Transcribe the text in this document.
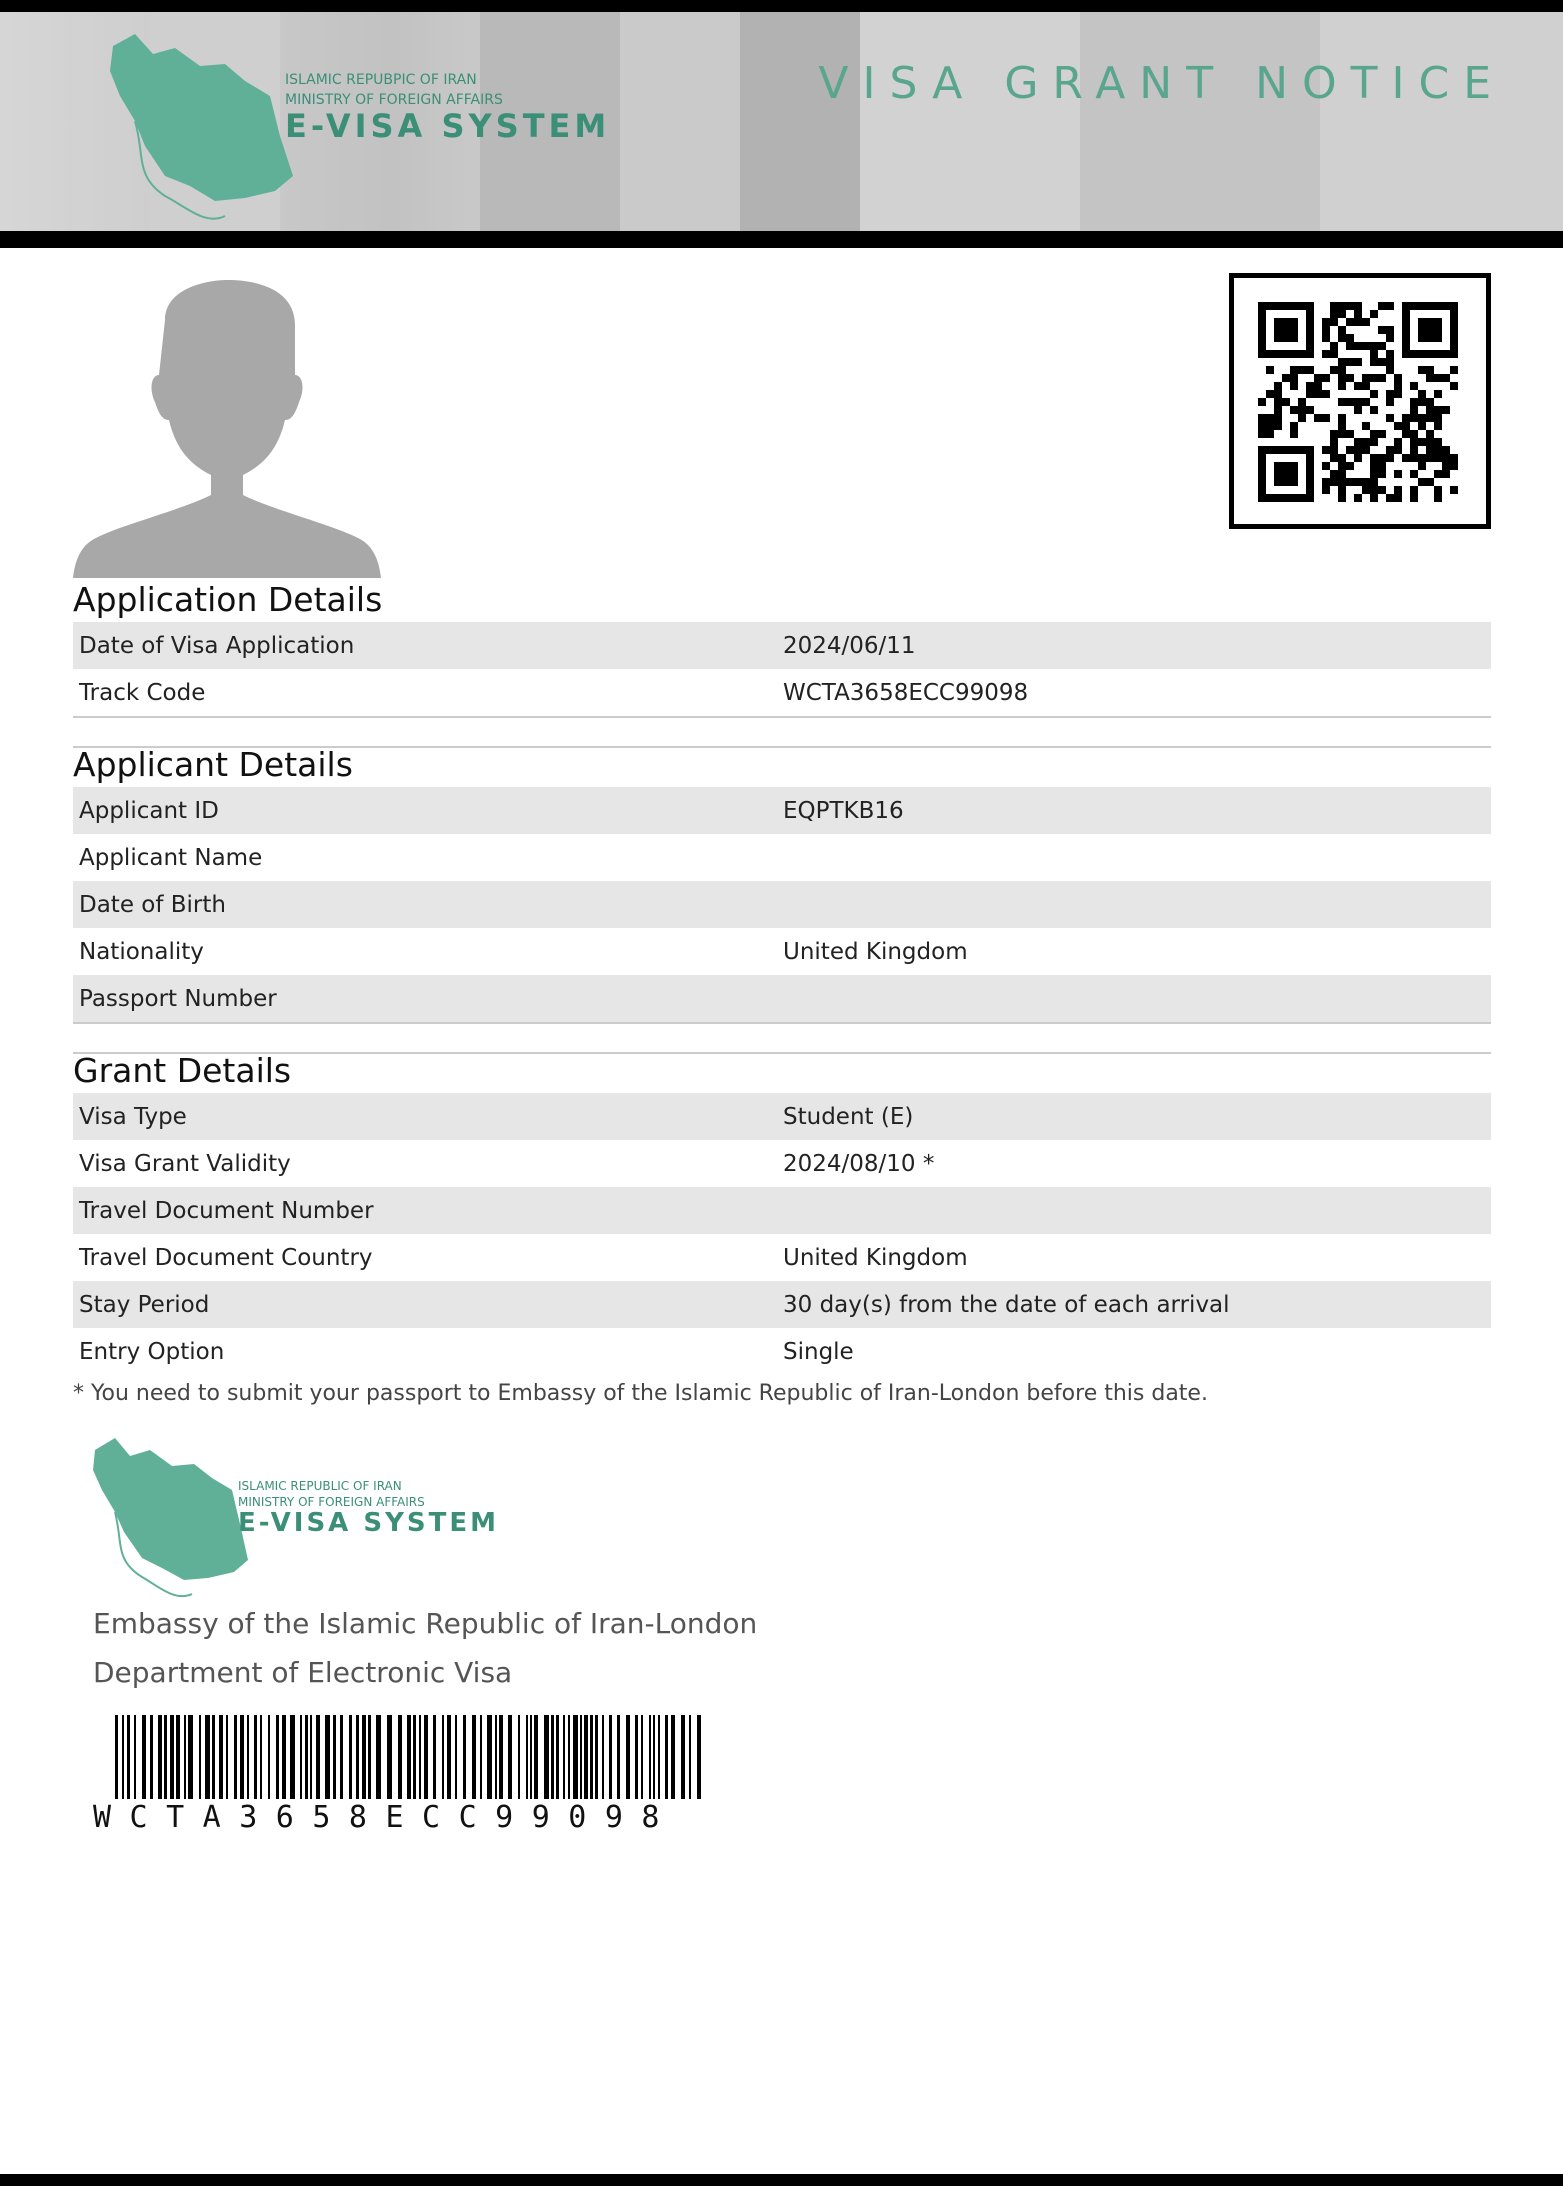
ISLAMIC REPUBPIC OF IRAN
MINISTRY OF FOREIGN AFFAIRS
E-VISA SYSTEM
VISA GRANT NOTICE
Application Details
Date of Visa Application	2024/06/11
Track Code	WCTA3658ECC99098
Applicant Details
Applicant ID	EQPTKB16
Applicant Name
Date of Birth
Nationality	United Kingdom
Passport Number
Grant Details
Visa Type	Student (E)
Visa Grant Validity	2024/08/10 *
Travel Document Number
Travel Document Country	United Kingdom
Stay Period	30 day(s) from the date of each arrival
Entry Option	Single
* You need to submit your passport to Embassy of the Islamic Republic of Iran-London before this date.
ISLAMIC REPUBLIC OF IRAN
MINISTRY OF FOREIGN AFFAIRS
E-VISA SYSTEM
Embassy of the Islamic Republic of Iran-London
Department of Electronic Visa
WCTA3658ECC99098
